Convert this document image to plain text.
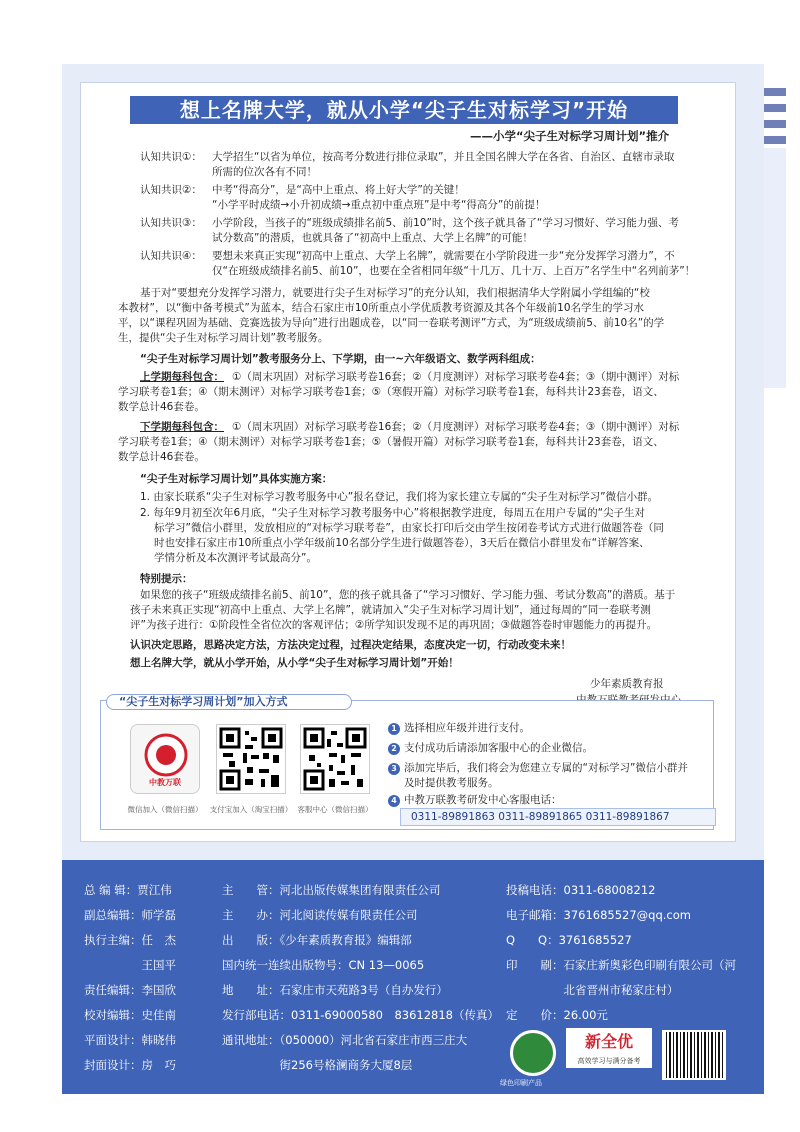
想上名牌大学，就从小学“尖子生对标学习”开始
——小学“尖子生对标学习周计划”推介
认知共识①： 大学招生“以省为单位，按高考分数进行排位录取”，并且全国名牌大学在各省、自治区、直辖市录取
所需的位次各有不同！
认知共识②： 中考“得高分”，是“高中上重点、将上好大学”的关键！
“小学平时成绩→小升初成绩→重点初中重点班”是中考“得高分”的前提！
认知共识③： 小学阶段，当孩子的“班级成绩排名前5、前10”时，这个孩子就具备了“学习习惯好、学习能力强、考
试分数高”的潜质，也就具备了“初高中上重点、大学上名牌”的可能！
认知共识④： 要想未来真正实现“初高中上重点、大学上名牌”，就需要在小学阶段进一步“充分发挥学习潜力”，不
仅“在班级成绩排名前5、前10”，也要在全省相同年级“十几万、几十万、上百万”名学生中“名列前茅”！
基于对“要想充分发挥学习潜力，就要进行尖子生对标学习”的充分认知，我们根据清华大学附属小学组编的“校
本教材”，以“衡中备考模式”为蓝本，结合石家庄市10所重点小学优质教考资源及其各个年级前10名学生的学习水
平，以“课程巩固为基础、竞赛选拔为导向”进行出题成卷，以“同一卷联考测评”方式，为“班级成绩前5、前10名”的学
生，提供“尖子生对标学习周计划”教考服务。
“尖子生对标学习周计划”教考服务分上、下学期，由一~六年级语文、数学两科组成：
上学期每科包含： ①（周末巩固）对标学习联考卷16套；②（月度测评）对标学习联考卷4套；③（期中测评）对标
学习联考卷1套；④（期末测评）对标学习联考卷1套；⑤（寒假开篇）对标学习联考卷1套，每科共计23套卷，语文、
数学总计46套卷。
下学期每科包含： ①（周末巩固）对标学习联考卷16套；②（月度测评）对标学习联考卷4套；③（期中测评）对标
学习联考卷1套；④（期末测评）对标学习联考卷1套；⑤（暑假开篇）对标学习联考卷1套，每科共计23套卷，语文、
数学总计46套卷。
“尖子生对标学习周计划”具体实施方案：
1. 由家长联系“尖子生对标学习教考服务中心”报名登记，我们将为家长建立专属的“尖子生对标学习”微信小群。
2. 每年9月初至次年6月底，“尖子生对标学习教考服务中心”将根据教学进度，每周五在用户专属的“尖子生对
标学习”微信小群里，发放相应的“对标学习联考卷”，由家长打印后交由学生按闭卷考试方式进行做题答卷（同
时也安排石家庄市10所重点小学年级前10名部分学生进行做题答卷），3天后在微信小群里发布“详解答案、
学情分析及本次测评考试最高分”。
特别提示：
如果您的孩子“班级成绩排名前5、前10”，您的孩子就具备了“学习习惯好、学习能力强、考试分数高”的潜质。基于
孩子未来真正实现“初高中上重点、大学上名牌”，就请加入“尖子生对标学习周计划”，通过每周的“同一卷联考测
评”为孩子进行：①阶段性全省位次的客观评估；②所学知识发现不足的再巩固；③做题答卷时审题能力的再提升。
认识决定思路，思路决定方法，方法决定过程，过程决定结果，态度决定一切，行动改变未来！
想上名牌大学，就从小学开始，从小学“尖子生对标学习周计划”开始！
少年素质教育报
“尖子生对标学习周计划”加入方式
中教万联
微信加入（微信扫描） 支付宝加入（淘宝扫描） 客服中心（微信扫描）
1 选择相应年级并进行支付。
2 支付成功后请添加客服中心的企业微信。
3 添加完毕后，我们将会为您建立专属的“对标学习”微信小群并
及时提供教考服务。
4 中教万联教考研发中心客服电话：
0311-89891863 0311-89891865 0311-89891867
总 编 辑：贾江伟
副总编辑：师学磊
执行主编：任　杰
　　　　　王国平
责任编辑：李国欣
校对编辑：史佳南
平面设计：韩晓伟
封面设计：房　巧
主　　管：河北出版传媒集团有限责任公司
主　　办：河北阅读传媒有限责任公司
出　　版：《少年素质教育报》编辑部
国内统一连续出版物号：CN 13—0065
地　　址：石家庄市天苑路3号（自办发行）
发行部电话：0311-69000580　83612818（传真）
通讯地址：（050000）河北省石家庄市西三庄大
　　　　　街256号格澜商务大厦8层
投稿电话：0311-68008212
电子邮箱：3761685527@qq.com
Q　　Q：3761685527
印　　刷：石家庄新奥彩色印刷有限公司（河
　　　　　北省晋州市秘家庄村）
定　　价：26.00元
绿色印刷产品
新全优
高效学习与满分备考
